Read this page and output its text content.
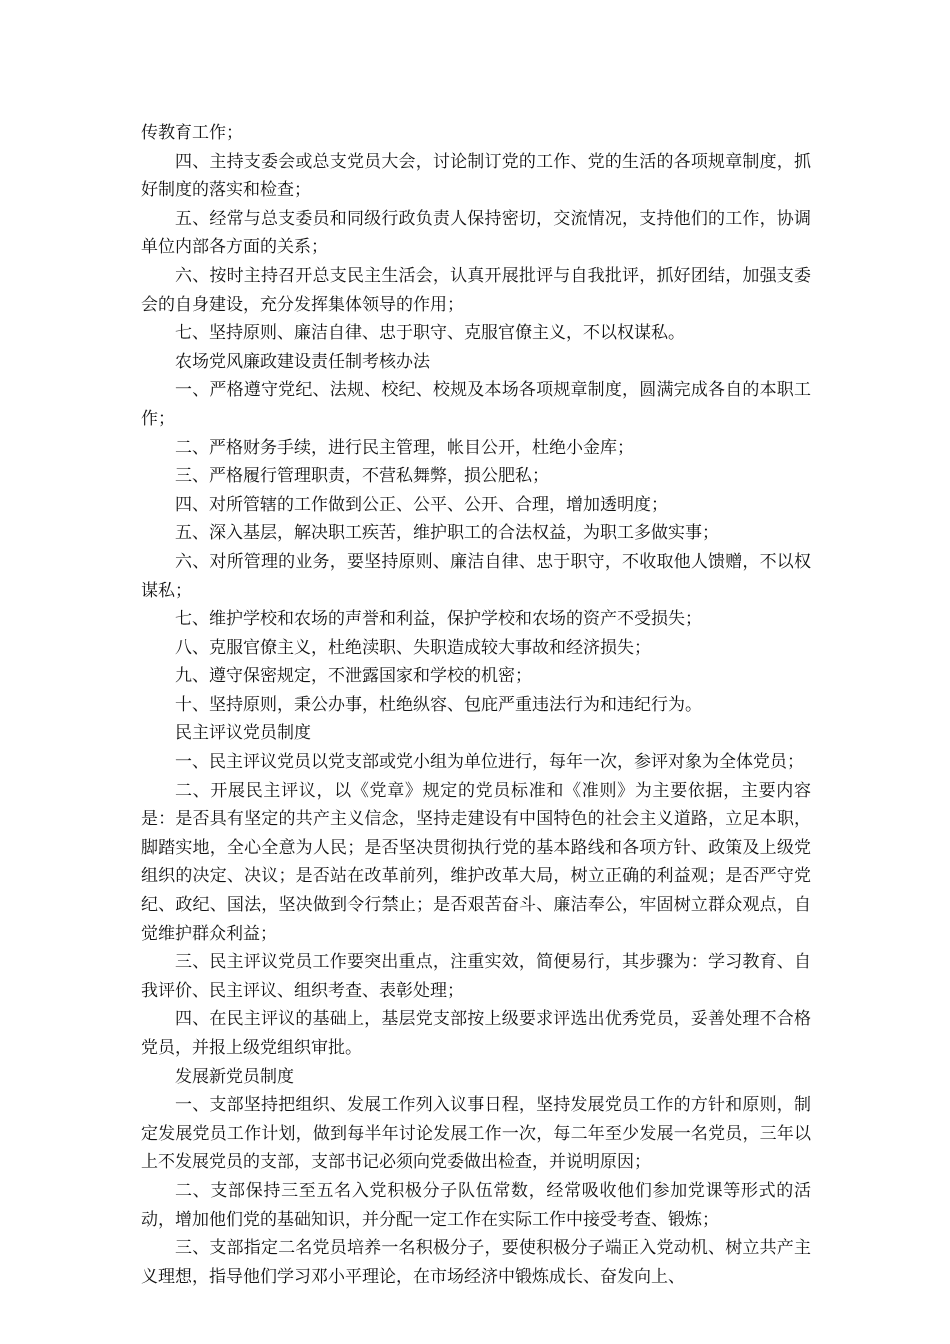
传教育工作；

四、主持支委会或总支党员大会，讨论制订党的工作、党的生活的各项规章制度，抓好制度的落实和检查；

五、经常与总支委员和同级行政负责人保持密切，交流情况，支持他们的工作，协调单位内部各方面的关系；

六、按时主持召开总支民主生活会，认真开展批评与自我批评，抓好团结，加强支委会的自身建设，充分发挥集体领导的作用；

七、坚持原则、廉洁自律、忠于职守、克服官僚主义，不以权谋私。

农场党风廉政建设责任制考核办法

一、严格遵守党纪、法规、校纪、校规及本场各项规章制度，圆满完成各自的本职工作；

二、严格财务手续，进行民主管理，帐目公开，杜绝小金库；

三、严格履行管理职责，不营私舞弊，损公肥私；

四、对所管辖的工作做到公正、公平、公开、合理，增加透明度；

五、深入基层，解决职工疾苦，维护职工的合法权益，为职工多做实事；

六、对所管理的业务，要坚持原则、廉洁自律、忠于职守，不收取他人馈赠，不以权谋私；

七、维护学校和农场的声誉和利益，保护学校和农场的资产不受损失；

八、克服官僚主义，杜绝渎职、失职造成较大事故和经济损失；

九、遵守保密规定，不泄露国家和学校的机密；

十、坚持原则，秉公办事，杜绝纵容、包庇严重违法行为和违纪行为。

民主评议党员制度

一、民主评议党员以党支部或党小组为单位进行，每年一次，参评对象为全体党员；

二、开展民主评议，以《党章》规定的党员标准和《准则》为主要依据，主要内容是：是否具有坚定的共产主义信念，坚持走建设有中国特色的社会主义道路，立足本职，脚踏实地，全心全意为人民；是否坚决贯彻执行党的基本路线和各项方针、政策及上级党组织的决定、决议；是否站在改革前列，维护改革大局，树立正确的利益观；是否严守党纪、政纪、国法，坚决做到令行禁止；是否艰苦奋斗、廉洁奉公，牢固树立群众观点，自觉维护群众利益；

三、民主评议党员工作要突出重点，注重实效，简便易行，其步骤为：学习教育、自我评价、民主评议、组织考查、表彰处理；

四、在民主评议的基础上，基层党支部按上级要求评选出优秀党员，妥善处理不合格党员，并报上级党组织审批。

发展新党员制度

一、支部坚持把组织、发展工作列入议事日程，坚持发展党员工作的方针和原则，制定发展党员工作计划，做到每半年讨论发展工作一次，每二年至少发展一名党员，三年以上不发展党员的支部，支部书记必须向党委做出检查，并说明原因；

二、支部保持三至五名入党积极分子队伍常数，经常吸收他们参加党课等形式的活动，增加他们党的基础知识，并分配一定工作在实际工作中接受考查、锻炼；

三、支部指定二名党员培养一名积极分子，要使积极分子端正入党动机、树立共产主义理想，指导他们学习邓小平理论，在市场经济中锻炼成长、奋发向上、
